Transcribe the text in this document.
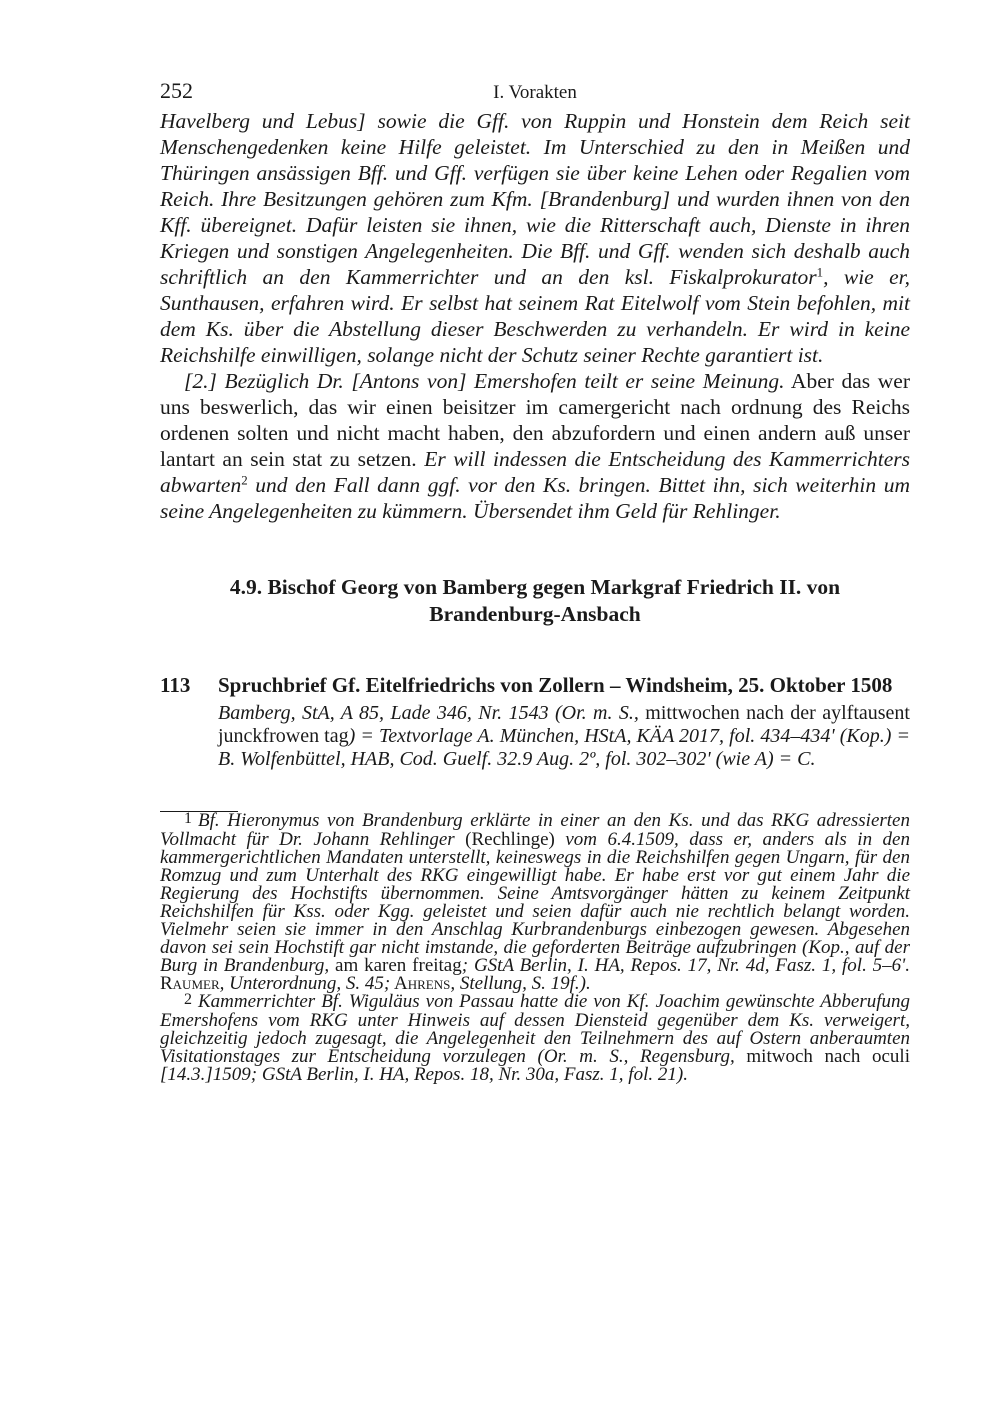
252	I. Vorakten

Havelberg und Lebus] sowie die Gff. von Ruppin und Honstein dem Reich seit Menschengedenken keine Hilfe geleistet. Im Unterschied zu den in Meißen und Thüringen ansässigen Bff. und Gff. verfügen sie über keine Lehen oder Regalien vom Reich. Ihre Besitzungen gehören zum Kfm. [Brandenburg] und wurden ihnen von den Kff. übereignet. Dafür leisten sie ihnen, wie die Ritterschaft auch, Dienste in ihren Kriegen und sonstigen Angelegenheiten. Die Bff. und Gff. wenden sich deshalb auch schriftlich an den Kammerrichter und an den ksl. Fiskalprokurator$^1$, wie er, Sunthausen, erfahren wird. Er selbst hat seinem Rat Eitelwolf vom Stein befohlen, mit dem Ks. über die Abstellung dieser Beschwerden zu verhandeln. Er wird in keine Reichshilfe einwilligen, solange nicht der Schutz seiner Rechte garantiert ist.

[2.] Bezüglich Dr. [Antons von] Emershofen teilt er seine Meinung. Aber das wer uns beswerlich, das wir einen beisitzer im camergericht nach ordnung des Reichs ordenen solten und nicht macht haben, den abzufordern und einen andern auß unser lantart an sein stat zu setzen. Er will indessen die Entscheidung des Kammerrichters abwarten$^2$ und den Fall dann ggf. vor den Ks. bringen. Bittet ihn, sich weiterhin um seine Angelegenheiten zu kümmern. Übersendet ihm Geld für Rehlinger.

4.9. Bischof Georg von Bamberg gegen Markgraf Friedrich II. von
Brandenburg-Ansbach
113	Spruchbrief Gf. Eitelfriedrichs von Zollern – Windsheim, 25. Oktober 1508
Bamberg, StA, A 85, Lade 346, Nr. 1543 (Or. m. S., mittwochen nach der aylftausent junckfrowen tag) = Textvorlage A. München, HStA, KÄA 2017, fol. 434–434' (Kop.) = B. Wolfenbüttel, HAB, Cod. Guelf. 32.9 Aug. 2º, fol. 302–302' (wie A) = C.

1 Bf. Hieronymus von Brandenburg erklärte in einer an den Ks. und das RKG adressierten Vollmacht für Dr. Johann Rehlinger (Rechlinge) vom 6.4.1509, dass er, anders als in den kammergerichtlichen Mandaten unterstellt, keineswegs in die Reichshilfen gegen Ungarn, für den Romzug und zum Unterhalt des RKG eingewilligt habe. Er habe erst vor gut einem Jahr die Regierung des Hochstifts übernommen. Seine Amtsvorgänger hätten zu keinem Zeitpunkt Reichshilfen für Kss. oder Kgg. geleistet und seien dafür auch nie rechtlich belangt worden. Vielmehr seien sie immer in den Anschlag Kurbrandenburgs einbezogen gewesen. Abgesehen davon sei sein Hochstift gar nicht imstande, die geforderten Beiträge aufzubringen (Kop., auf der Burg in Brandenburg, am karen freitag; GStA Berlin, I. HA, Repos. 17, Nr. 4d, Fasz. 1, fol. 5–6'. Raumer, Unterordnung, S. 45; Ahrens, Stellung, S. 19f.).

2 Kammerrichter Bf. Wiguläus von Passau hatte die von Kf. Joachim gewünschte Abberufung Emershofens vom RKG unter Hinweis auf dessen Diensteid gegenüber dem Ks. verweigert, gleichzeitig jedoch zugesagt, die Angelegenheit den Teilnehmern des auf Ostern anberaumten Visitationstages zur Entscheidung vorzulegen (Or. m. S., Regensburg, mitwoch nach oculi [14.3.]1509; GStA Berlin, I. HA, Repos. 18, Nr. 30a, Fasz. 1, fol. 21).
